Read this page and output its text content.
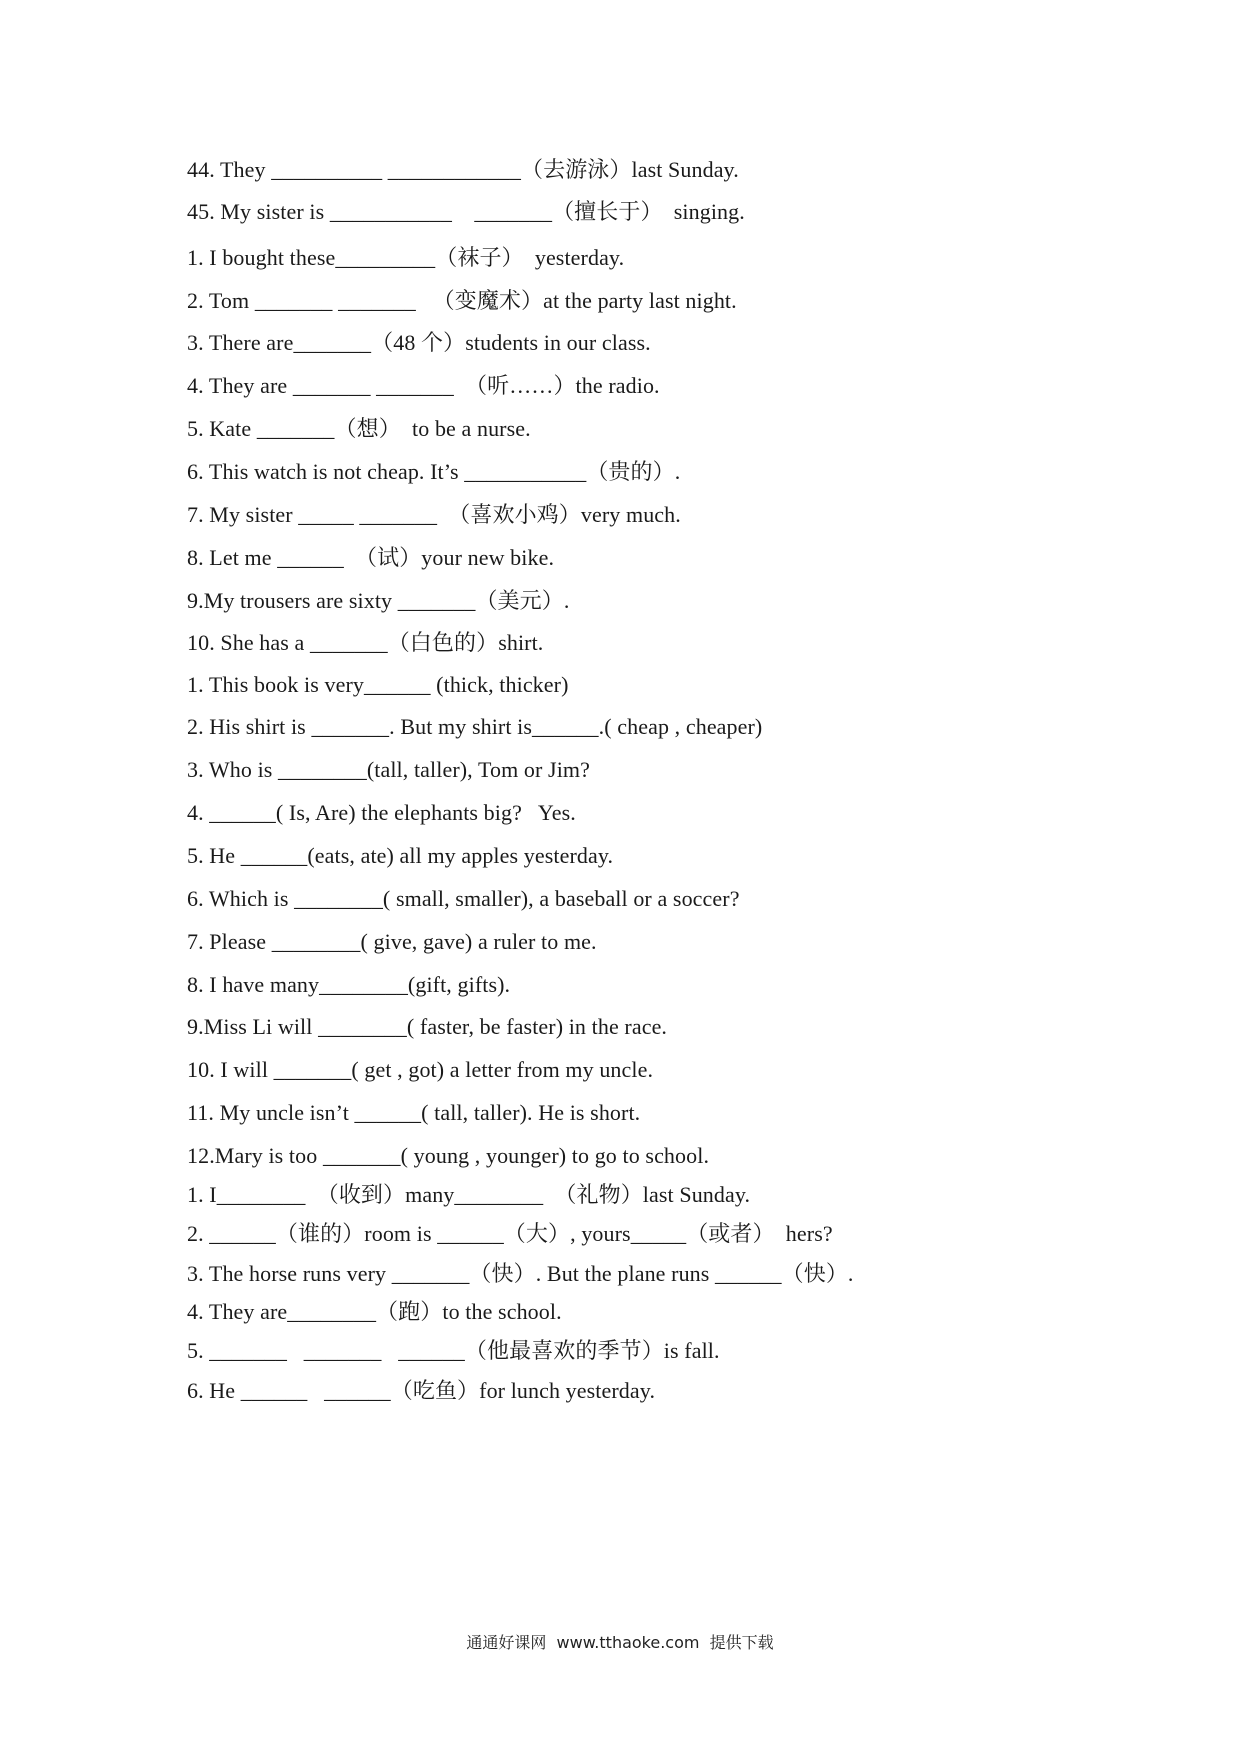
44. They __________ ____________（去游泳）last Sunday.
45. My sister is ___________    _______（擅长于）  singing.
1. I bought these_________（袜子）  yesterday.
2. Tom _______ _______   （变魔术）at the party last night.
3. There are_______（48 个）students in our class.
4. They are _______ _______  （听……）the radio.
5. Kate _______（想）  to be a nurse.
6. This watch is not cheap. It’s ___________（贵的）.
7. My sister _____ _______  （喜欢小鸡）very much.
8. Let me ______  （试）your new bike.
9.My trousers are sixty _______（美元）.
10. She has a _______（白色的）shirt.
1. This book is very______ (thick, thicker)
2. His shirt is _______. But my shirt is______.( cheap , cheaper)
3. Who is ________(tall, taller), Tom or Jim?
4. ______( Is, Are) the elephants big?   Yes.
5. He ______(eats, ate) all my apples yesterday.
6. Which is ________( small, smaller), a baseball or a soccer?
7. Please ________( give, gave) a ruler to me.
8. I have many________(gift, gifts).
9.Miss Li will ________( faster, be faster) in the race.
10. I will _______( get , got) a letter from my uncle.
11. My uncle isn’t ______( tall, taller). He is short.
12.Mary is too _______( young , younger) to go to school.
1. I________  （收到）many________  （礼物）last Sunday.
2. ______（谁的）room is ______（大）, yours_____（或者）  hers?
3. The horse runs very _______（快）. But the plane runs ______（快）.
4. They are________（跑）to the school.
5. _______   _______   ______（他最喜欢的季节）is fall.
6. He ______   ______（吃鱼）for lunch yesterday.
通通好课网  www.tthaoke.com  提供下载
